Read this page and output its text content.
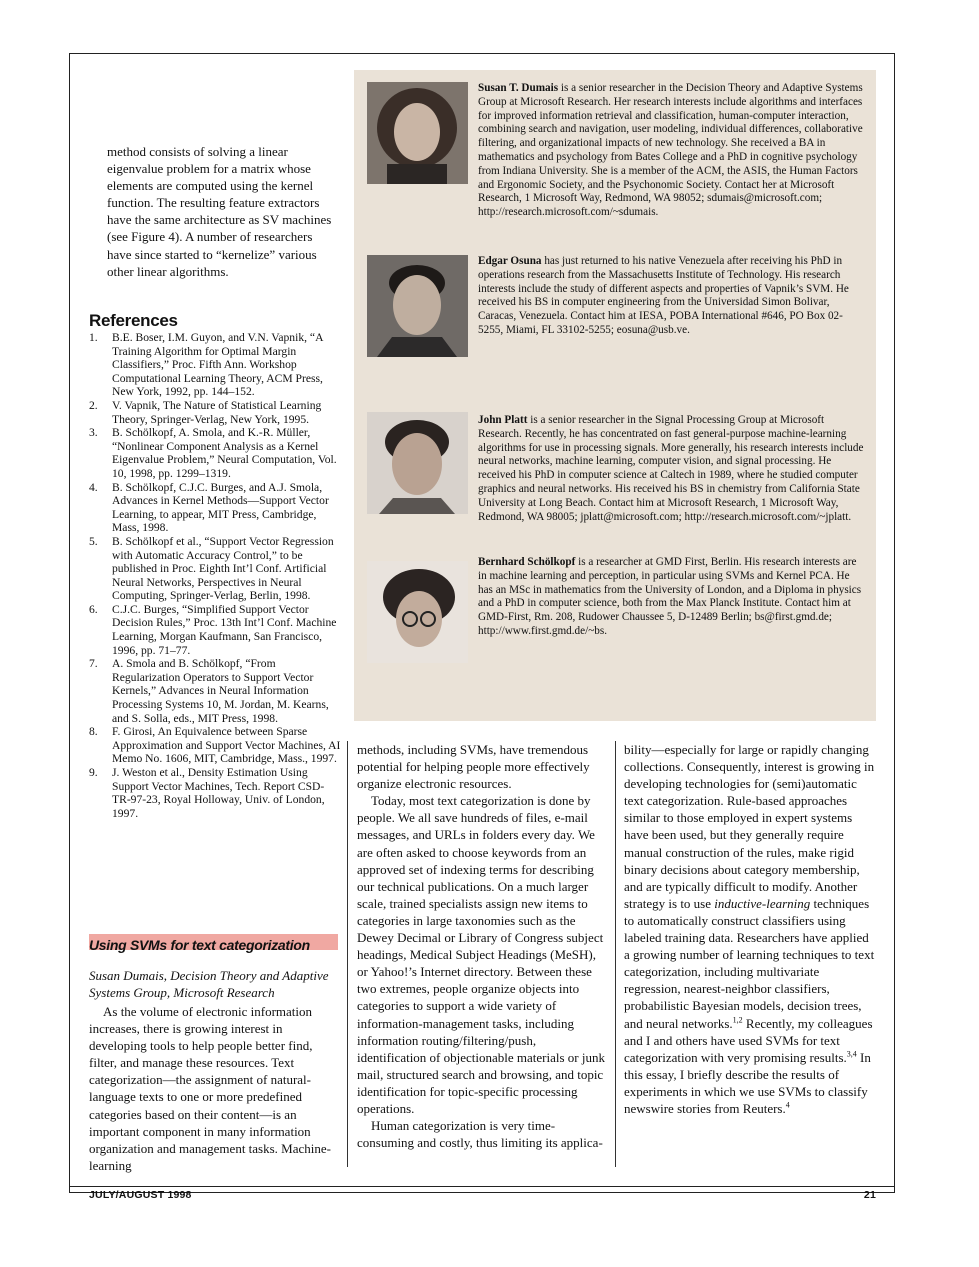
JULY/AUGUST 1998	21

method consists of solving a linear eigenvalue problem for a matrix whose elements are computed using the kernel function. The resulting feature extractors have the same architecture as SV machines (see Figure 4). A number of researchers have since started to “kernelize” various other linear algorithms.

References
1. B.E. Boser, I.M. Guyon, and V.N. Vapnik, “A Training Algorithm for Optimal Margin Classifiers,” Proc. Fifth Ann. Workshop Computational Learning Theory, ACM Press, New York, 1992, pp. 144–152.
2. V. Vapnik, The Nature of Statistical Learning Theory, Springer-Verlag, New York, 1995.
3. B. Schölkopf, A. Smola, and K.-R. Müller, “Nonlinear Component Analysis as a Kernel Eigenvalue Problem,” Neural Computation, Vol. 10, 1998, pp. 1299–1319.
4. B. Schölkopf, C.J.C. Burges, and A.J. Smola, Advances in Kernel Methods—Support Vector Learning, to appear, MIT Press, Cambridge, Mass, 1998.
5. B. Schölkopf et al., “Support Vector Regression with Automatic Accuracy Control,” to be published in Proc. Eighth Int’l Conf. Artificial Neural Networks, Perspectives in Neural Computing, Springer-Verlag, Berlin, 1998.
6. C.J.C. Burges, “Simplified Support Vector Decision Rules,” Proc. 13th Int’l Conf. Machine Learning, Morgan Kaufmann, San Francisco, 1996, pp. 71–77.
7. A. Smola and B. Schölkopf, “From Regularization Operators to Support Vector Kernels,” Advances in Neural Information Processing Systems 10, M. Jordan, M. Kearns, and S. Solla, eds., MIT Press, 1998.
8. F. Girosi, An Equivalence between Sparse Approximation and Support Vector Machines, AI Memo No. 1606, MIT, Cambridge, Mass., 1997.
9. J. Weston et al., Density Estimation Using Support Vector Machines, Tech. Report CSD-TR-97-23, Royal Holloway, Univ. of London, 1997.
Using SVMs for text categorization
Susan Dumais, Decision Theory and Adaptive Systems Group, Microsoft Research

As the volume of electronic information increases, there is growing interest in developing tools to help people better find, filter, and manage these resources. Text categorization—the assignment of natural-language texts to one or more predefined categories based on their content—is an important component in many information organization and management tasks. Machine-learning

Susan T. Dumais is a senior researcher in the Decision Theory and Adaptive Systems Group at Microsoft Research. Her research interests include algorithms and interfaces for improved information retrieval and classification, human-computer interaction, combining search and navigation, user modeling, individual differences, collaborative filtering, and organizational impacts of new technology. She received a BA in mathematics and psychology from Bates College and a PhD in cognitive psychology from Indiana University. She is a member of the ACM, the ASIS, the Human Factors and Ergonomic Society, and the Psychonomic Society. Contact her at Microsoft Research, 1 Microsoft Way, Redmond, WA 98052; sdumais@microsoft.com; http://research.microsoft.com/~sdumais.
Edgar Osuna has just returned to his native Venezuela after receiving his PhD in operations research from the Massachusetts Institute of Technology. His research interests include the study of different aspects and properties of Vapnik’s SVM. He received his BS in computer engineering from the Universidad Simon Bolivar, Caracas, Venezuela. Contact him at IESA, POBA International #646, PO Box 02-5255, Miami, FL 33102-5255; eosuna@usb.ve.
John Platt is a senior researcher in the Signal Processing Group at Microsoft Research. Recently, he has concentrated on fast general-purpose machine-learning algorithms for use in processing signals. More generally, his research interests include neural networks, machine learning, computer vision, and signal processing. He received his PhD in computer science at Caltech in 1989, where he studied computer graphics and neural networks. His received his BS in chemistry from California State University at Long Beach. Contact him at Microsoft Research, 1 Microsoft Way, Redmond, WA 98005; jplatt@microsoft.com; http://research.microsoft.com/~jplatt.
Bernhard Schölkopf is a researcher at GMD First, Berlin. His research interests are in machine learning and perception, in particular using SVMs and Kernel PCA. He has an MSc in mathematics from the University of London, and a Diploma in physics and a PhD in computer science, both from the Max Planck Institute. Contact him at GMD-First, Rm. 208, Rudower Chaussee 5, D-12489 Berlin; bs@first.gmd.de; http://www.first.gmd.de/~bs.

methods, including SVMs, have tremendous potential for helping people more effectively organize electronic resources.

Today, most text categorization is done by people. We all save hundreds of files, e-mail messages, and URLs in folders every day. We are often asked to choose keywords from an approved set of indexing terms for describing our technical publications. On a much larger scale, trained specialists assign new items to categories in large taxonomies such as the Dewey Decimal or Library of Congress subject headings, Medical Subject Headings (MeSH), or Yahoo!’s Internet directory. Between these two extremes, people organize objects into categories to support a wide variety of information-management tasks, including information routing/filtering/push, identification of objectionable materials or junk mail, structured search and browsing, and topic identification for topic-specific processing operations.

Human categorization is very time-consuming and costly, thus limiting its applica-

bility—especially for large or rapidly changing collections. Consequently, interest is growing in developing technologies for (semi)automatic text categorization. Rule-based approaches similar to those employed in expert systems have been used, but they generally require manual construction of the rules, make rigid binary decisions about category membership, and are typically difficult to modify. Another strategy is to use inductive-learning techniques to automatically construct classifiers using labeled training data. Researchers have applied a growing number of learning techniques to text categorization, including multivariate regression, nearest-neighbor classifiers, probabilistic Bayesian models, decision trees, and neural networks.$^{1,2}$ Recently, my colleagues and I and others have used SVMs for text categorization with very promising results.$^{3,4}$ In this essay, I briefly describe the results of experiments in which we use SVMs to classify newswire stories from Reuters.$^4$
